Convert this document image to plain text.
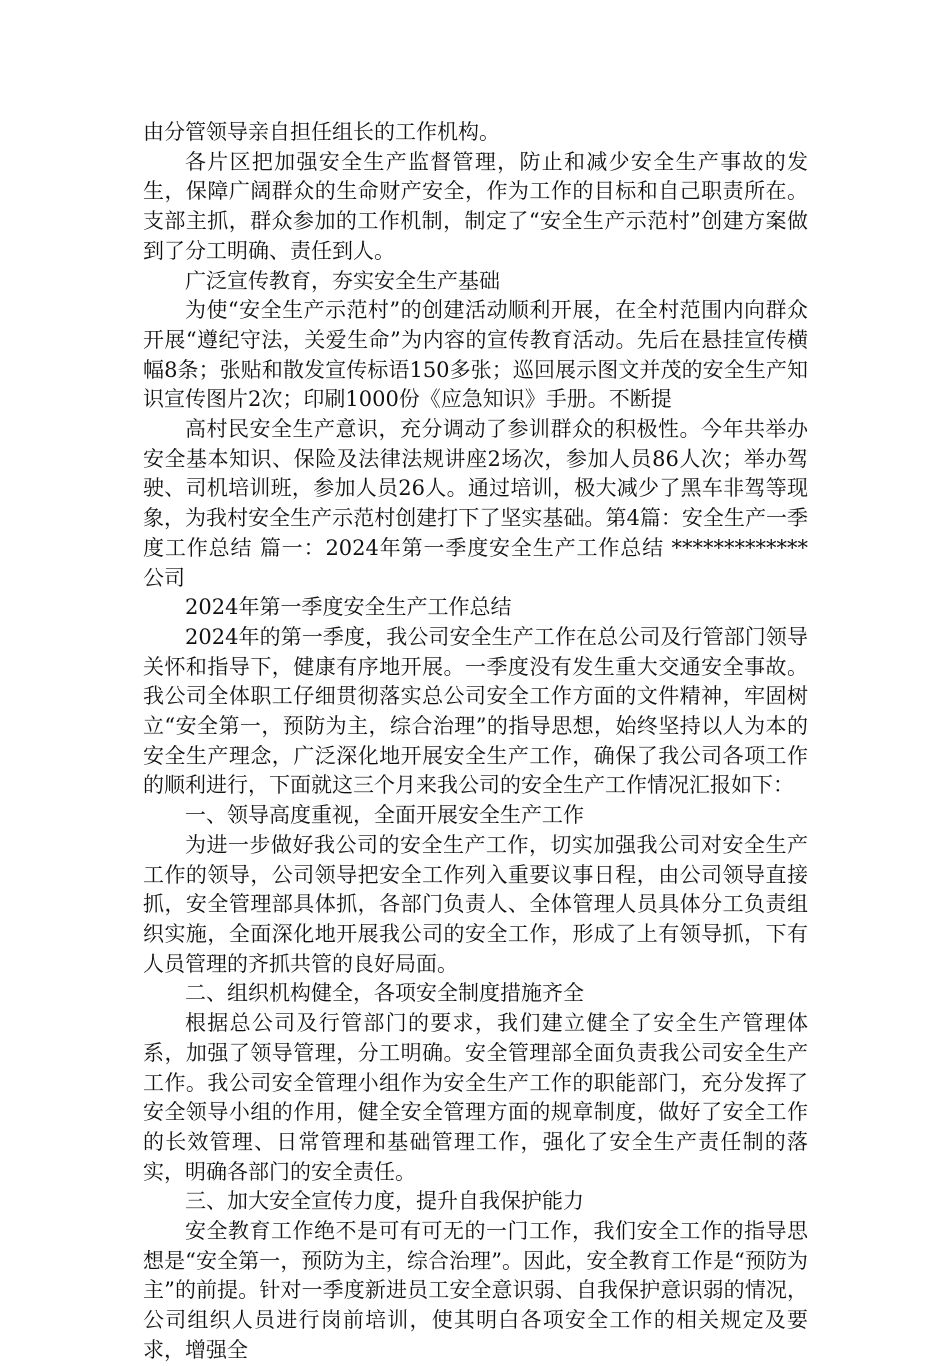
由分管领导亲自担任组长的工作机构。

各片区把加强安全生产监督管理，防止和减少安全生产事故的发生，保障广阔群众的生命财产安全，作为工作的目标和自己职责所在。支部主抓，群众参加的工作机制，制定了“安全生产示范村”创建方案做到了分工明确、责任到人。

广泛宣传教育，夯实安全生产基础

为使“安全生产示范村”的创建活动顺利开展，在全村范围内向群众开展“遵纪守法，关爱生命”为内容的宣传教育活动。先后在悬挂宣传横幅8条；张贴和散发宣传标语150多张；巡回展示图文并茂的安全生产知识宣传图片2次；印刷1000份《应急知识》手册。不断提

高村民安全生产意识，充分调动了参训群众的积极性。今年共举办安全基本知识、保险及法律法规讲座2场次，参加人员86人次；举办驾驶、司机培训班，参加人员26人。通过培训，极大减少了黑车非驾等现象，为我村安全生产示范村创建打下了坚实基础。第4篇：安全生产一季度工作总结 篇一：2024年第一季度安全生产工作总结 *************公司

2024年第一季度安全生产工作总结

2024年的第一季度，我公司安全生产工作在总公司及行管部门领导关怀和指导下，健康有序地开展。一季度没有发生重大交通安全事故。我公司全体职工仔细贯彻落实总公司安全工作方面的文件精神，牢固树立“安全第一，预防为主，综合治理”的指导思想，始终坚持以人为本的安全生产理念，广泛深化地开展安全生产工作，确保了我公司各项工作的顺利进行，下面就这三个月来我公司的安全生产工作情况汇报如下：

一、领导高度重视，全面开展安全生产工作

为进一步做好我公司的安全生产工作，切实加强我公司对安全生产工作的领导，公司领导把安全工作列入重要议事日程，由公司领导直接抓，安全管理部具体抓，各部门负责人、全体管理人员具体分工负责组织实施，全面深化地开展我公司的安全工作，形成了上有领导抓，下有人员管理的齐抓共管的良好局面。

二、组织机构健全，各项安全制度措施齐全

根据总公司及行管部门的要求，我们建立健全了安全生产管理体系，加强了领导管理，分工明确。安全管理部全面负责我公司安全生产工作。我公司安全管理小组作为安全生产工作的职能部门，充分发挥了安全领导小组的作用，健全安全管理方面的规章制度，做好了安全工作的长效管理、日常管理和基础管理工作，强化了安全生产责任制的落实，明确各部门的安全责任。

三、加大安全宣传力度，提升自我保护能力

安全教育工作绝不是可有可无的一门工作，我们安全工作的指导思想是“安全第一，预防为主，综合治理”。因此，安全教育工作是“预防为主”的前提。针对一季度新进员工安全意识弱、自我保护意识弱的情况，公司组织人员进行岗前培训，使其明白各项安全工作的相关规定及要求，增强全
